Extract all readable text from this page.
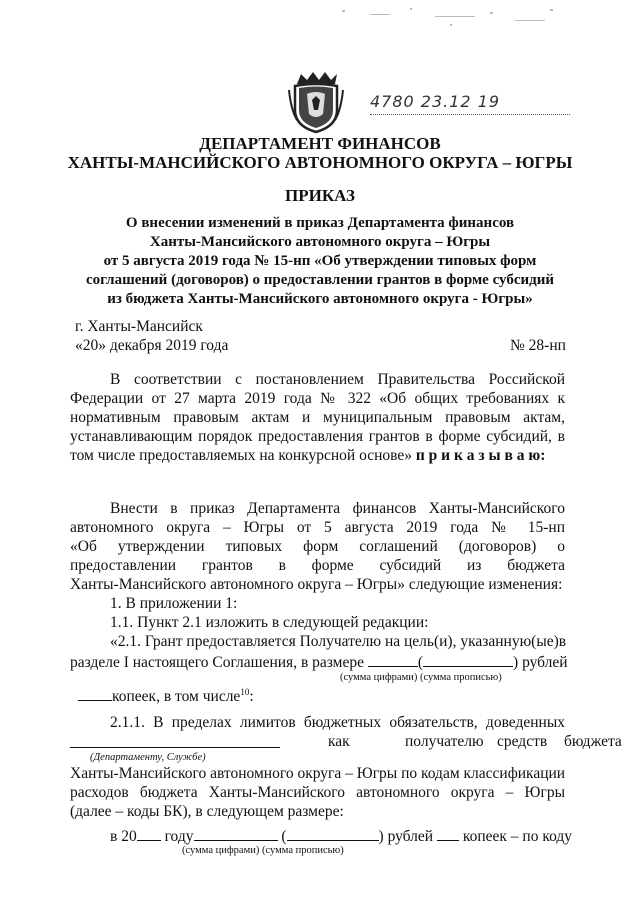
4780 23.12 19
ДЕПАРТАМЕНТ ФИНАНСОВ
ХАНТЫ-МАНСИЙСКОГО АВТОНОМНОГО ОКРУГА – ЮГРЫ
ПРИКАЗ
О внесении изменений в приказ Департамента финансов
Ханты-Мансийского автономного округа – Югры
от 5 августа 2019 года № 15-нп «Об утверждении типовых форм
соглашений (договоров) о предоставлении грантов в форме субсидий
из бюджета Ханты-Мансийского автономного округа - Югры»
г. Ханты-Мансийск
«20» декабря 2019 года	№ 28-нп
В соответствии с постановлением Правительства Российской
Федерации от 27 марта 2019 года № 322 «Об общих требованиях к
нормативным правовым актам и муниципальным правовым актам,
устанавливающим порядок предоставления грантов в форме субсидий, в
том числе предоставляемых на конкурсной основе» п р и к а з ы в а ю:
Внести в приказ Департамента финансов Ханты-Мансийского
автономного округа – Югры от 5 августа 2019 года № 15-нп
«Об утверждении типовых форм соглашений (договоров) о
предоставлении грантов в форме субсидий из бюджета
Ханты-Мансийского автономного округа – Югры» следующие изменения:
1. В приложении 1:
1.1. Пункт 2.1 изложить в следующей редакции:
«2.1. Грант предоставляется Получателю на цель(и), указанную(ые)в
разделе I настоящего Соглашения, в размере	(	) рублей
(сумма цифрами) (сумма прописью)
копеек, в том числе$^{10}$:
2.1.1. В пределах лимитов бюджетных обязательств, доведенных
как	получателю средств бюджета
(Департаменту, Службе)
Ханты-Мансийского автономного округа – Югры по кодам классификации
расходов бюджета Ханты-Мансийского автономного округа – Югры
(далее – коды БК), в следующем размере:
в 20 году	(	) рублей копеек – по коду
(сумма цифрами) (сумма прописью)
